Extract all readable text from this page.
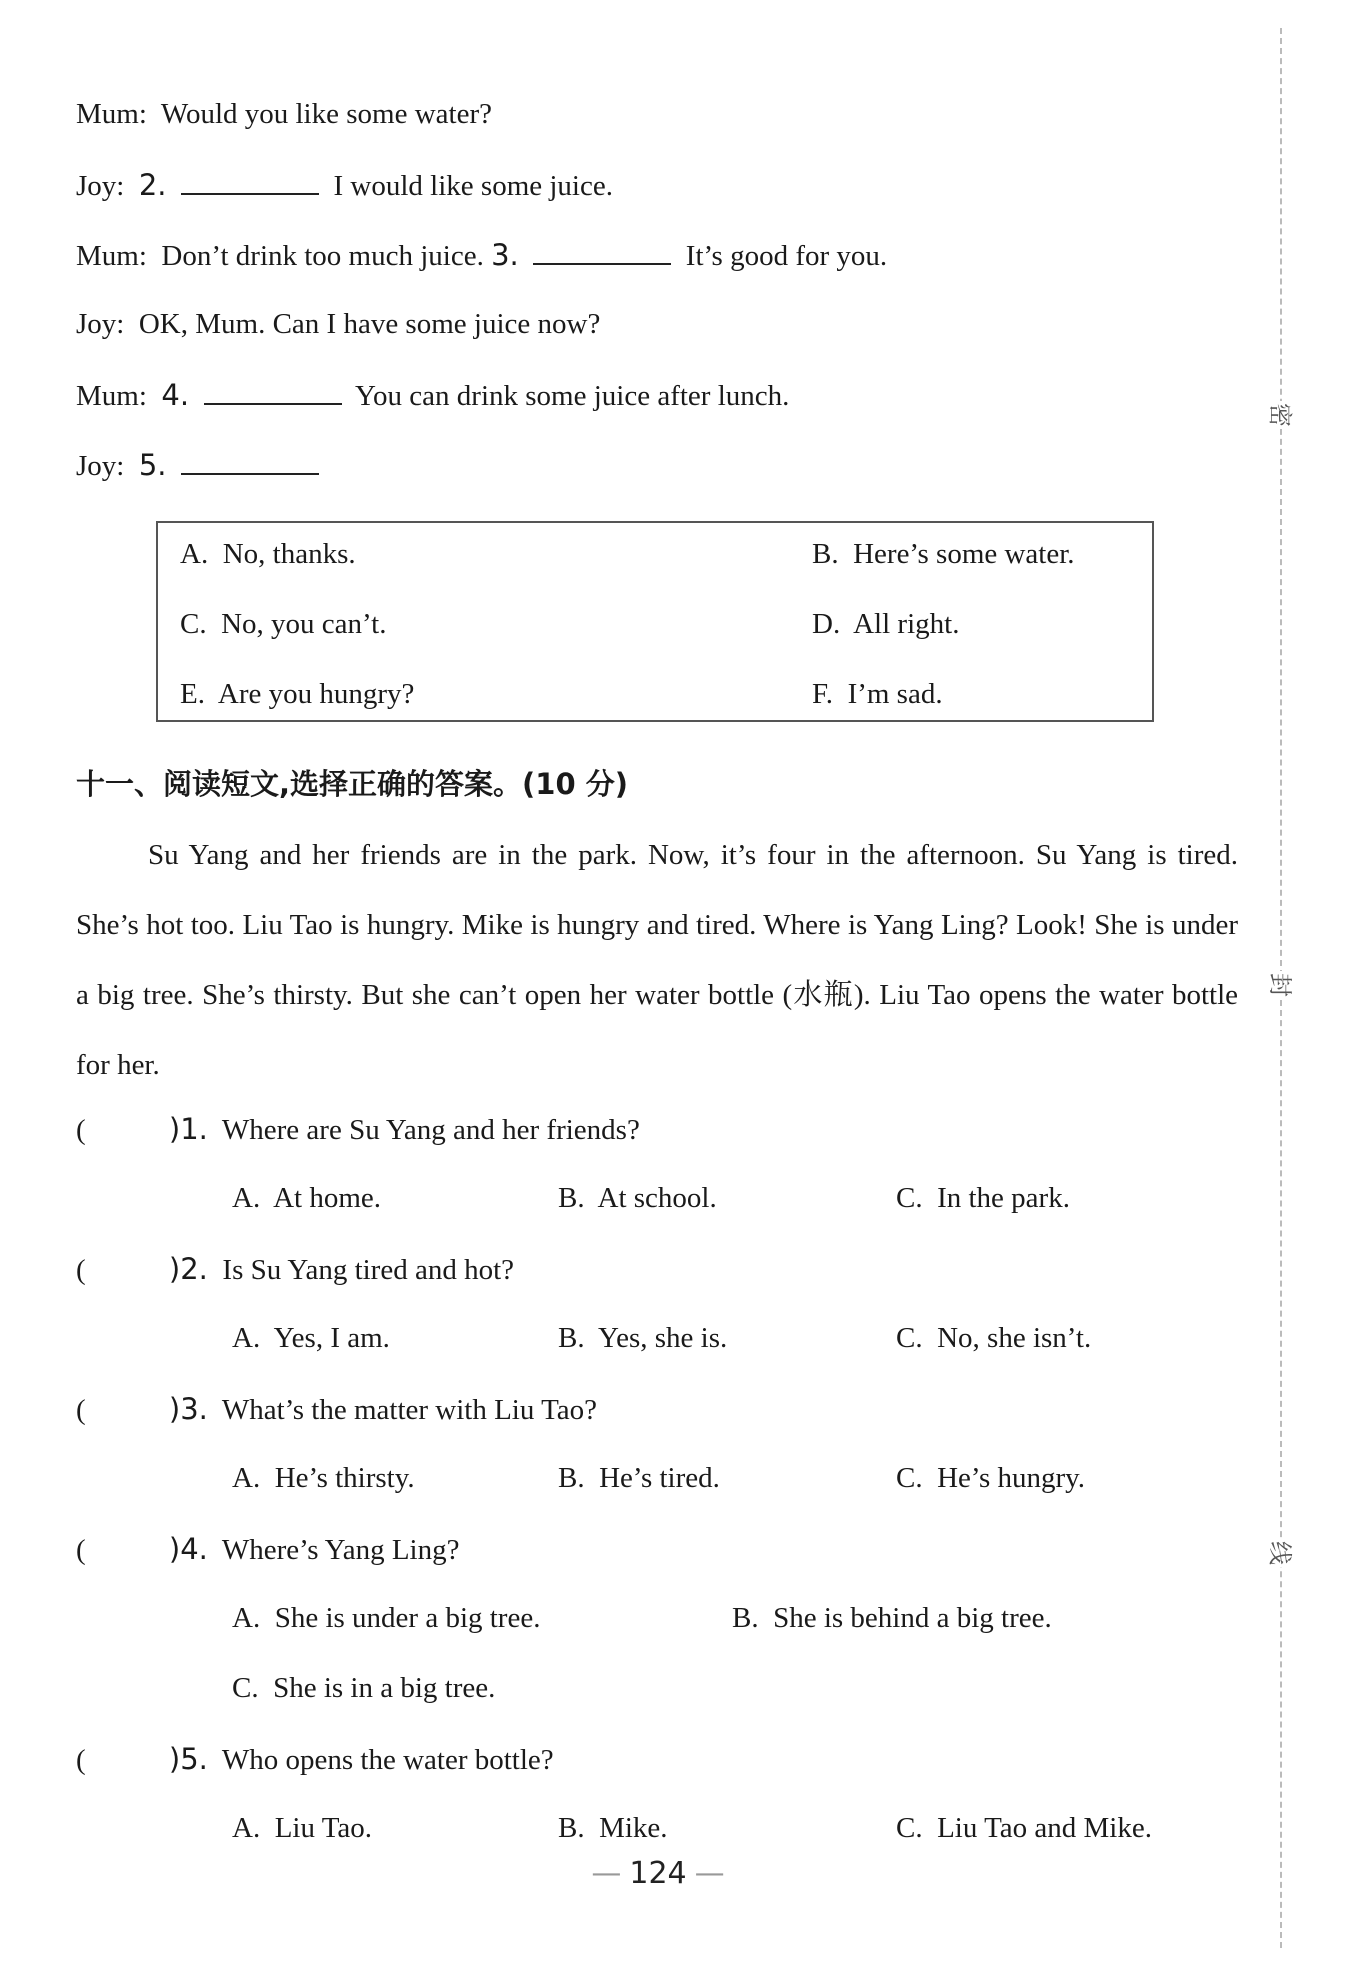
Mum: Would you like some water?
Joy: 2.	I would like some juice.
Mum: Don’t drink too much juice. 3.	It’s good for you.
Joy: OK, Mum. Can I have some juice now?
Mum: 4.	You can drink some juice after lunch.
Joy: 5.
A. No, thanks.	B. Here’s some water.
C. No, you can’t.	D. All right.
E. Are you hungry?	F. I’m sad.
十一、阅读短文,选择正确的答案。(10 分)
Su Yang and her friends are in the park. Now, it’s four in the afternoon. Su Yang is tired. She’s hot too. Liu Tao is hungry. Mike is hungry and tired. Where is Yang Ling? Look! She is under a big tree. She’s thirsty. But she can’t open her water bottle (水瓶). Liu Tao opens the water bottle for her.
(	)1. Where are Su Yang and her friends?
A. At home.	B. At school.	C. In the park.
(	)2. Is Su Yang tired and hot?
A. Yes, I am.	B. Yes, she is.	C. No, she isn’t.
(	)3. What’s the matter with Liu Tao?
A. He’s thirsty.	B. He’s tired.	C. He’s hungry.
(	)4. Where’s Yang Ling?
A. She is under a big tree.	B. She is behind a big tree.
C. She is in a big tree.
(	)5. Who opens the water bottle?
A. Liu Tao.	B. Mike.	C. Liu Tao and Mike.
— 124 —
密
封
线
